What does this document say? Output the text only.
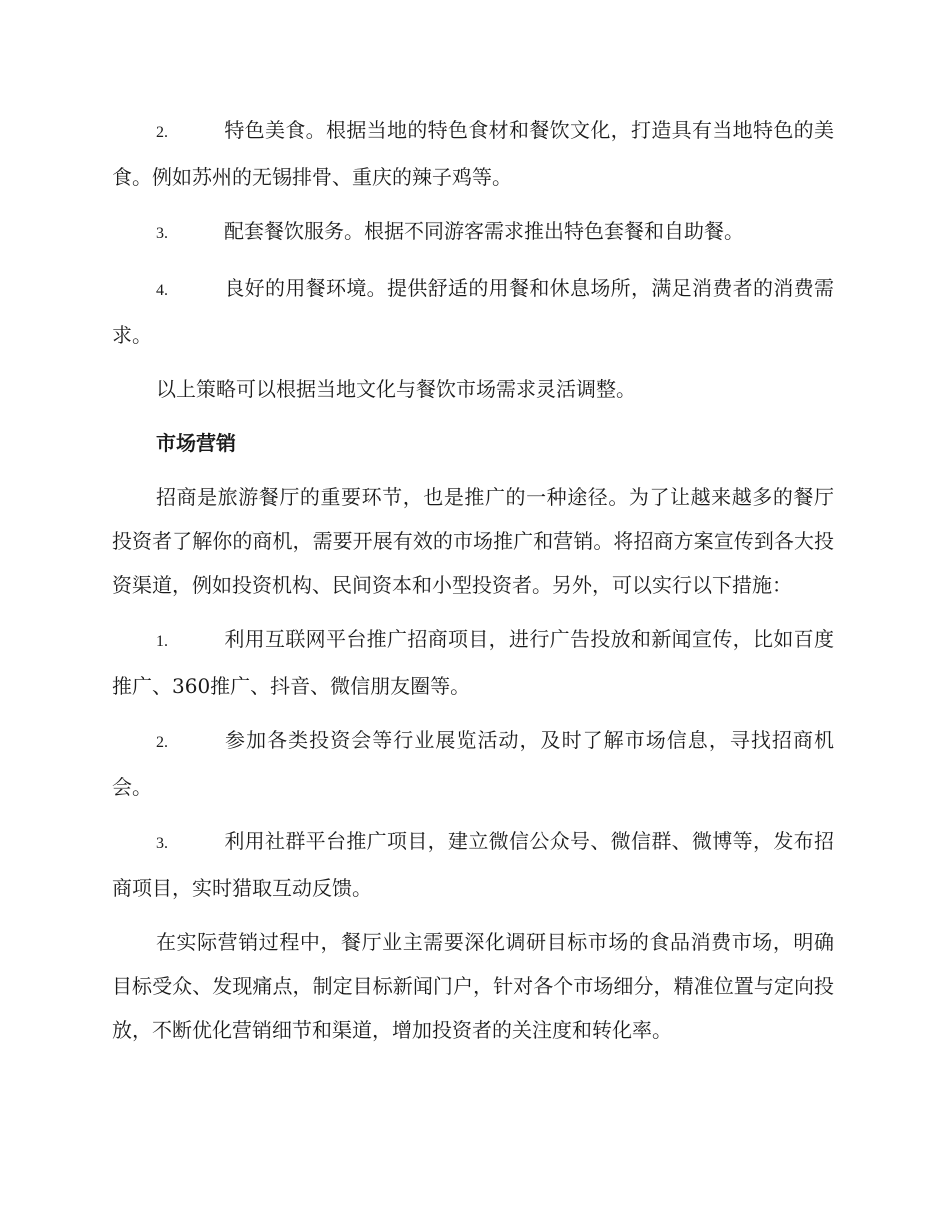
2.	特色美食。根据当地的特色食材和餐饮文化，打造具有当地特色的美食。例如苏州的无锡排骨、重庆的辣子鸡等。

3.	配套餐饮服务。根据不同游客需求推出特色套餐和自助餐。

4.	良好的用餐环境。提供舒适的用餐和休息场所，满足消费者的消费需求。

以上策略可以根据当地文化与餐饮市场需求灵活调整。

市场营销

招商是旅游餐厅的重要环节，也是推广的一种途径。为了让越来越多的餐厅投资者了解你的商机，需要开展有效的市场推广和营销。将招商方案宣传到各大投资渠道，例如投资机构、民间资本和小型投资者。另外，可以实行以下措施：

1.	利用互联网平台推广招商项目，进行广告投放和新闻宣传，比如百度推广、360推广、抖音、微信朋友圈等。

2.	参加各类投资会等行业展览活动，及时了解市场信息，寻找招商机会。

3.	利用社群平台推广项目，建立微信公众号、微信群、微博等，发布招商项目，实时猎取互动反馈。

在实际营销过程中，餐厅业主需要深化调研目标市场的食品消费市场，明确目标受众、发现痛点，制定目标新闻门户，针对各个市场细分，精准位置与定向投放，不断优化营销细节和渠道，增加投资者的关注度和转化率。
